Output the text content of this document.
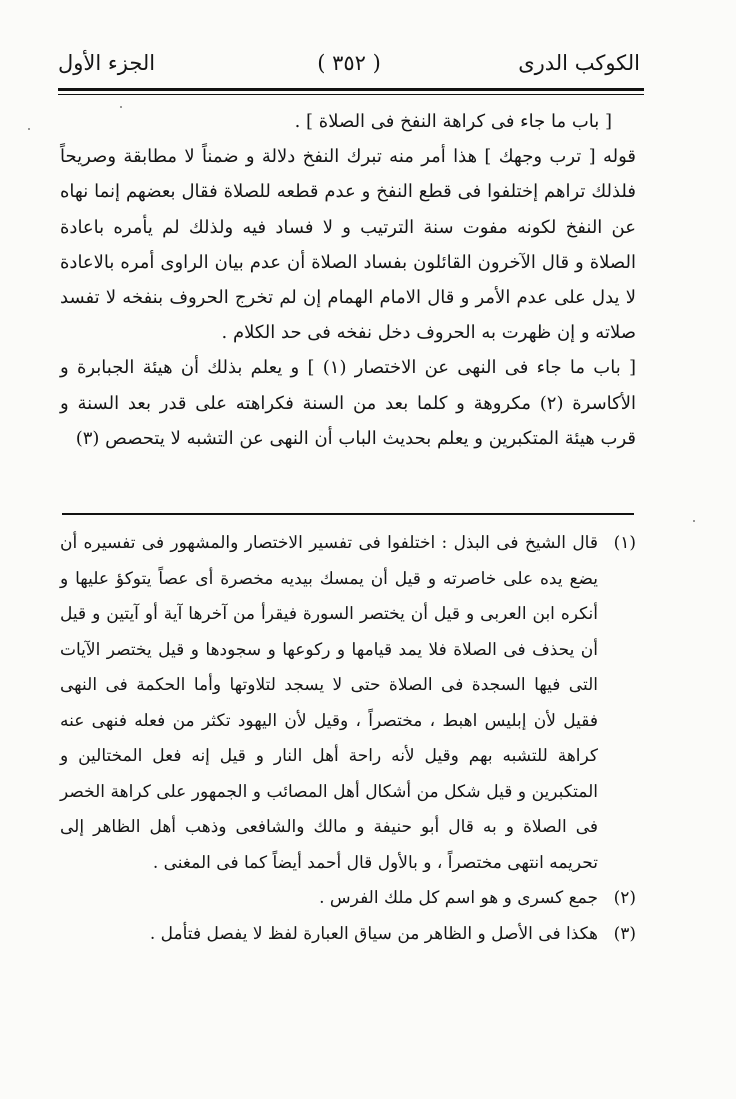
الكوكب الدرى
( ٣٥٢ )
الجزء الأول

[ باب ما جاء فى كراهة النفخ فى الصلاة ] .

قوله [ ترب وجهك ] هذا أمر منه تبرك النفخ دلالة و ضمناً لا مطابقة وصريحاً فلذلك تراهم إختلفوا فى قطع النفخ و عدم قطعه للصلاة فقال بعضهم إنما نهاه عن النفخ لكونه مفوت سنة الترتيب و لا فساد فيه ولذلك لم يأمره باعادة الصلاة و قال الآخرون القائلون بفساد الصلاة أن عدم بيان الراوى أمره بالاعادة لا يدل على عدم الأمر و قال الامام الهمام إن لم تخرج الحروف بنفخه لا تفسد صلاته و إن ظهرت به الحروف دخل نفخه فى حد الكلام .

[ باب ما جاء فى النهى عن الاختصار (١) ] و يعلم بذلك أن هيئة الجبابرة و الأكاسرة (٢) مكروهة و كلما بعد من السنة فكراهته على قدر بعد السنة و قرب هيئة المتكبرين و يعلم بحديث الباب أن النهى عن التشبه لا يتحصص (٣)

(١)
قال الشيخ فى البذل : اختلفوا فى تفسير الاختصار والمشهور فى تفسيره أن يضع يده على خاصرته و قيل أن يمسك بيديه مخصرة أى عصاً يتوكؤ عليها و أنكره ابن العربى و قيل أن يختصر السورة فيقرأ من آخرها آية أو آيتين و قيل أن يحذف فى الصلاة فلا يمد قيامها و ركوعها و سجودها و قيل يختصر الآيات التى فيها السجدة فى الصلاة حتى لا يسجد لتلاوتها وأما الحكمة فى النهى فقيل لأن إبليس اهبط ، مختصراً ، وقيل لأن اليهود تكثر من فعله فنهى عنه كراهة للتشبه بهم وقيل لأنه راحة أهل النار و قيل إنه فعل المختالين و المتكبرين و قيل شكل من أشكال أهل المصائب و الجمهور على كراهة الخصر فى الصلاة و به قال أبو حنيفة و مالك والشافعى وذهب أهل الظاهر إلى تحريمه انتهى مختصراً ، و بالأول قال أحمد أيضاً كما فى المغنى .
(٢)
جمع كسرى و هو اسم كل ملك الفرس .
(٣)
هكذا فى الأصل و الظاهر من سياق العبارة لفظ لا يفصل فتأمل .
